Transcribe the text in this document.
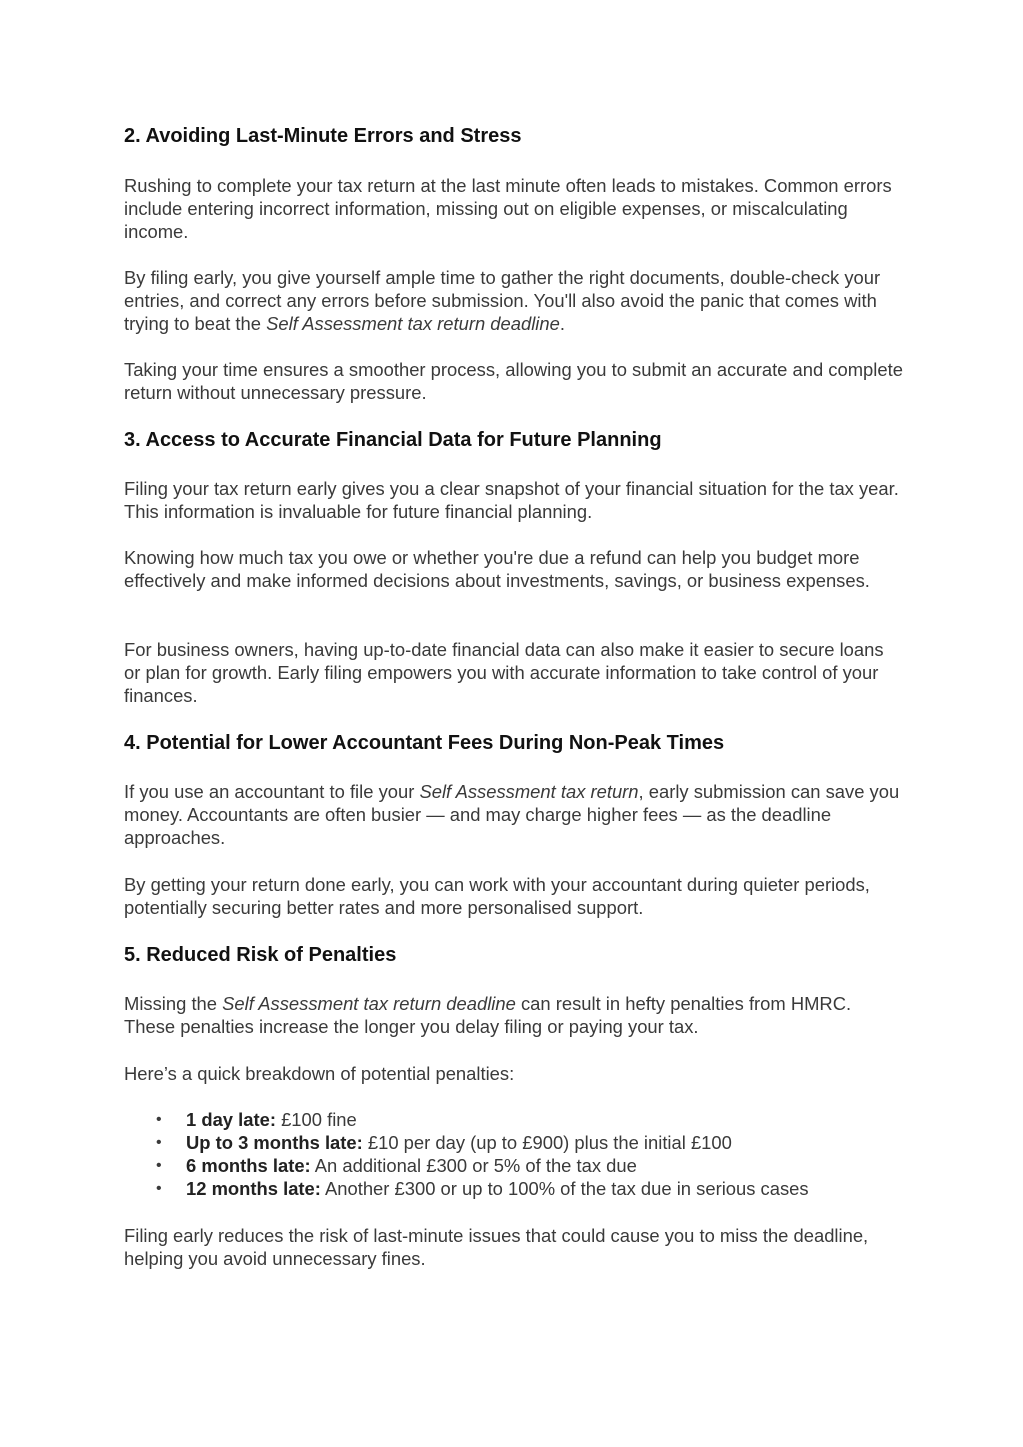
2. Avoiding Last-Minute Errors and Stress

Rushing to complete your tax return at the last minute often leads to mistakes. Common errors include entering incorrect information, missing out on eligible expenses, or miscalculating income.

By filing early, you give yourself ample time to gather the right documents, double-check your entries, and correct any errors before submission. You'll also avoid the panic that comes with trying to beat the Self Assessment tax return deadline.

Taking your time ensures a smoother process, allowing you to submit an accurate and complete return without unnecessary pressure.

3. Access to Accurate Financial Data for Future Planning

Filing your tax return early gives you a clear snapshot of your financial situation for the tax year. This information is invaluable for future financial planning.

Knowing how much tax you owe or whether you're due a refund can help you budget more effectively and make informed decisions about investments, savings, or business expenses.

For business owners, having up-to-date financial data can also make it easier to secure loans or plan for growth. Early filing empowers you with accurate information to take control of your finances.

4. Potential for Lower Accountant Fees During Non-Peak Times

If you use an accountant to file your Self Assessment tax return, early submission can save you money. Accountants are often busier — and may charge higher fees — as the deadline approaches.

By getting your return done early, you can work with your accountant during quieter periods, potentially securing better rates and more personalised support.

5. Reduced Risk of Penalties

Missing the Self Assessment tax return deadline can result in hefty penalties from HMRC. These penalties increase the longer you delay filing or paying your tax.

Here’s a quick breakdown of potential penalties:

• 1 day late: £100 fine
• Up to 3 months late: £10 per day (up to £900) plus the initial £100
• 6 months late: An additional £300 or 5% of the tax due
• 12 months late: Another £300 or up to 100% of the tax due in serious cases

Filing early reduces the risk of last-minute issues that could cause you to miss the deadline, helping you avoid unnecessary fines.
